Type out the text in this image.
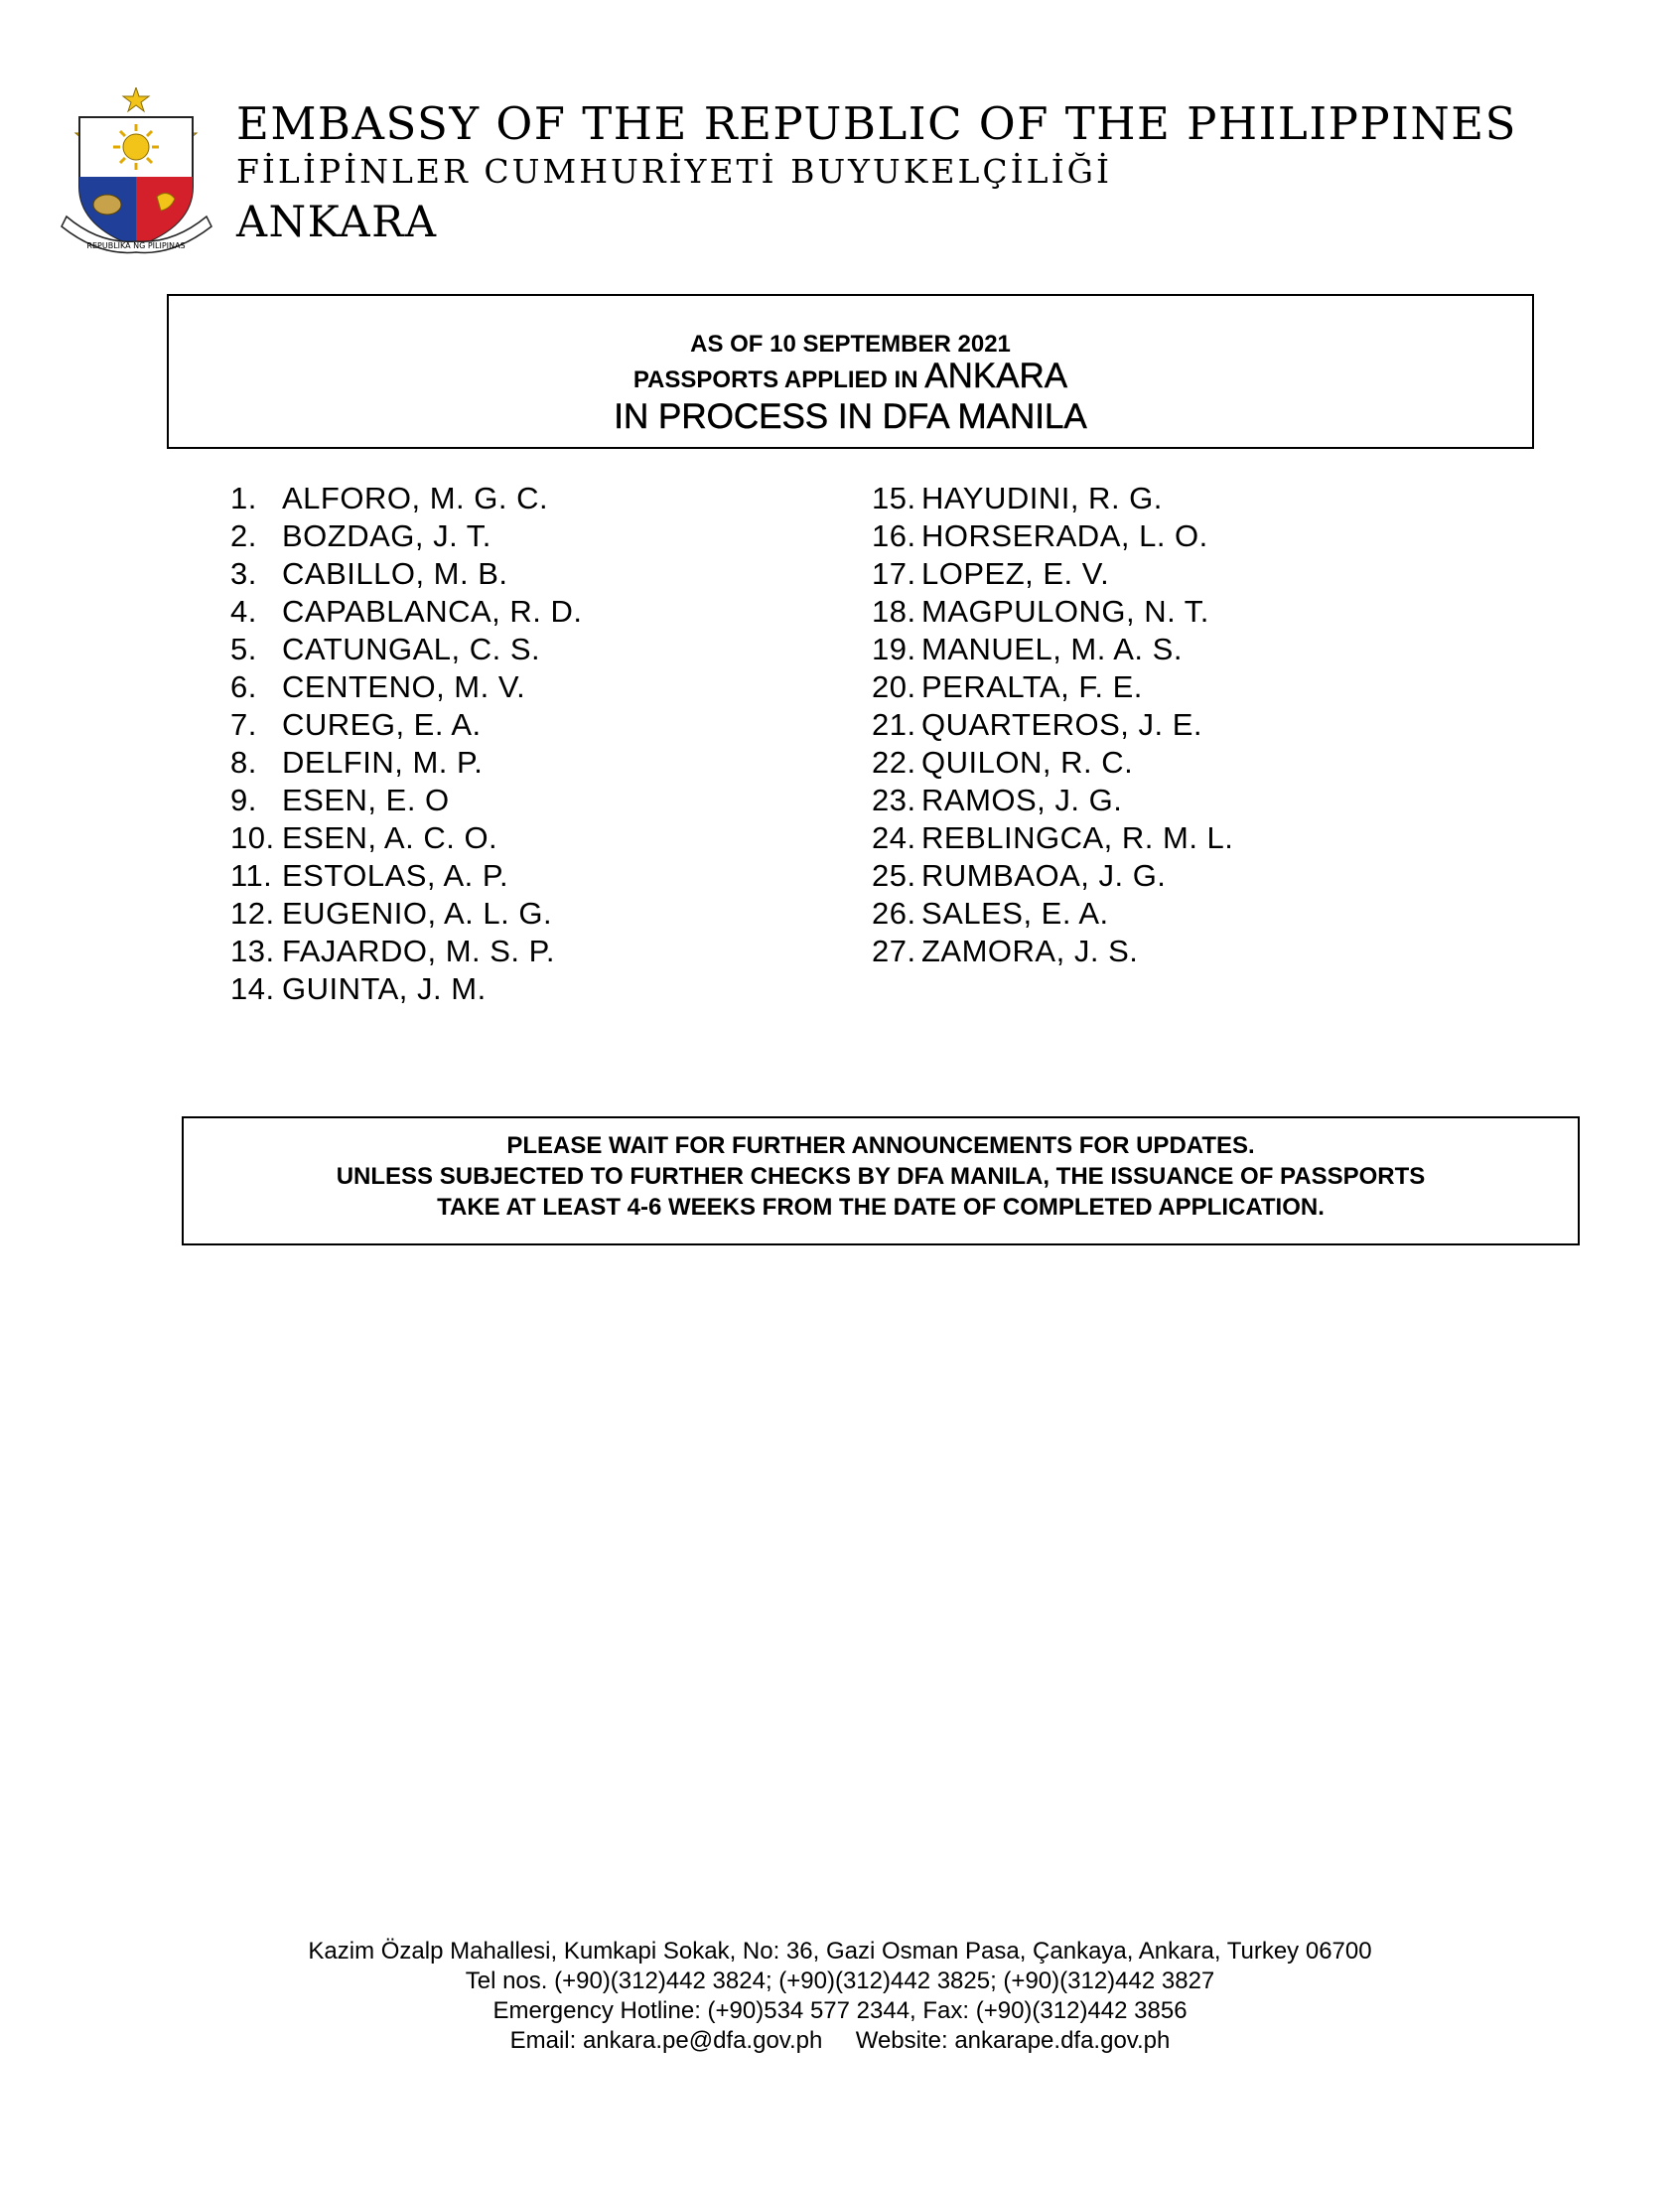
REPUBLIKA NG PILIPINAS
EMBASSY OF THE REPUBLIC OF THE PHILIPPINES
FİLİPİNLER CUMHURİYETİ BUYUKELÇİLİĞİ
ANKARA
AS OF 10 SEPTEMBER 2021
PASSPORTS APPLIED IN ANKARA
IN PROCESS IN DFA MANILA
1. ALFORO, M. G. C.
2. BOZDAG, J. T.
3. CABILLO, M. B.
4. CAPABLANCA, R. D.
5. CATUNGAL, C. S.
6. CENTENO, M. V.
7. CUREG, E. A.
8. DELFIN, M. P.
9. ESEN, E. O
10. ESEN, A. C. O.
11. ESTOLAS, A. P.
12. EUGENIO, A. L. G.
13. FAJARDO, M. S. P.
14. GUINTA, J. M.
15. HAYUDINI, R. G.
16. HORSERADA, L. O.
17. LOPEZ, E. V.
18. MAGPULONG, N. T.
19. MANUEL, M. A. S.
20. PERALTA, F. E.
21. QUARTEROS, J. E.
22. QUILON, R. C.
23. RAMOS, J. G.
24. REBLINGCA, R. M. L.
25. RUMBAOA, J. G.
26. SALES, E. A.
27. ZAMORA, J. S.
PLEASE WAIT FOR FURTHER ANNOUNCEMENTS FOR UPDATES.
UNLESS SUBJECTED TO FURTHER CHECKS BY DFA MANILA, THE ISSUANCE OF PASSPORTS
TAKE AT LEAST 4-6 WEEKS FROM THE DATE OF COMPLETED APPLICATION.
Kazim Özalp Mahallesi, Kumkapi Sokak, No: 36, Gazi Osman Pasa, Çankaya, Ankara, Turkey 06700
Tel nos. (+90)(312)442 3824; (+90)(312)442 3825; (+90)(312)442 3827
Emergency Hotline: (+90)534 577 2344, Fax: (+90)(312)442 3856
Email: ankara.pe@dfa.gov.ph Website: ankarape.dfa.gov.ph
